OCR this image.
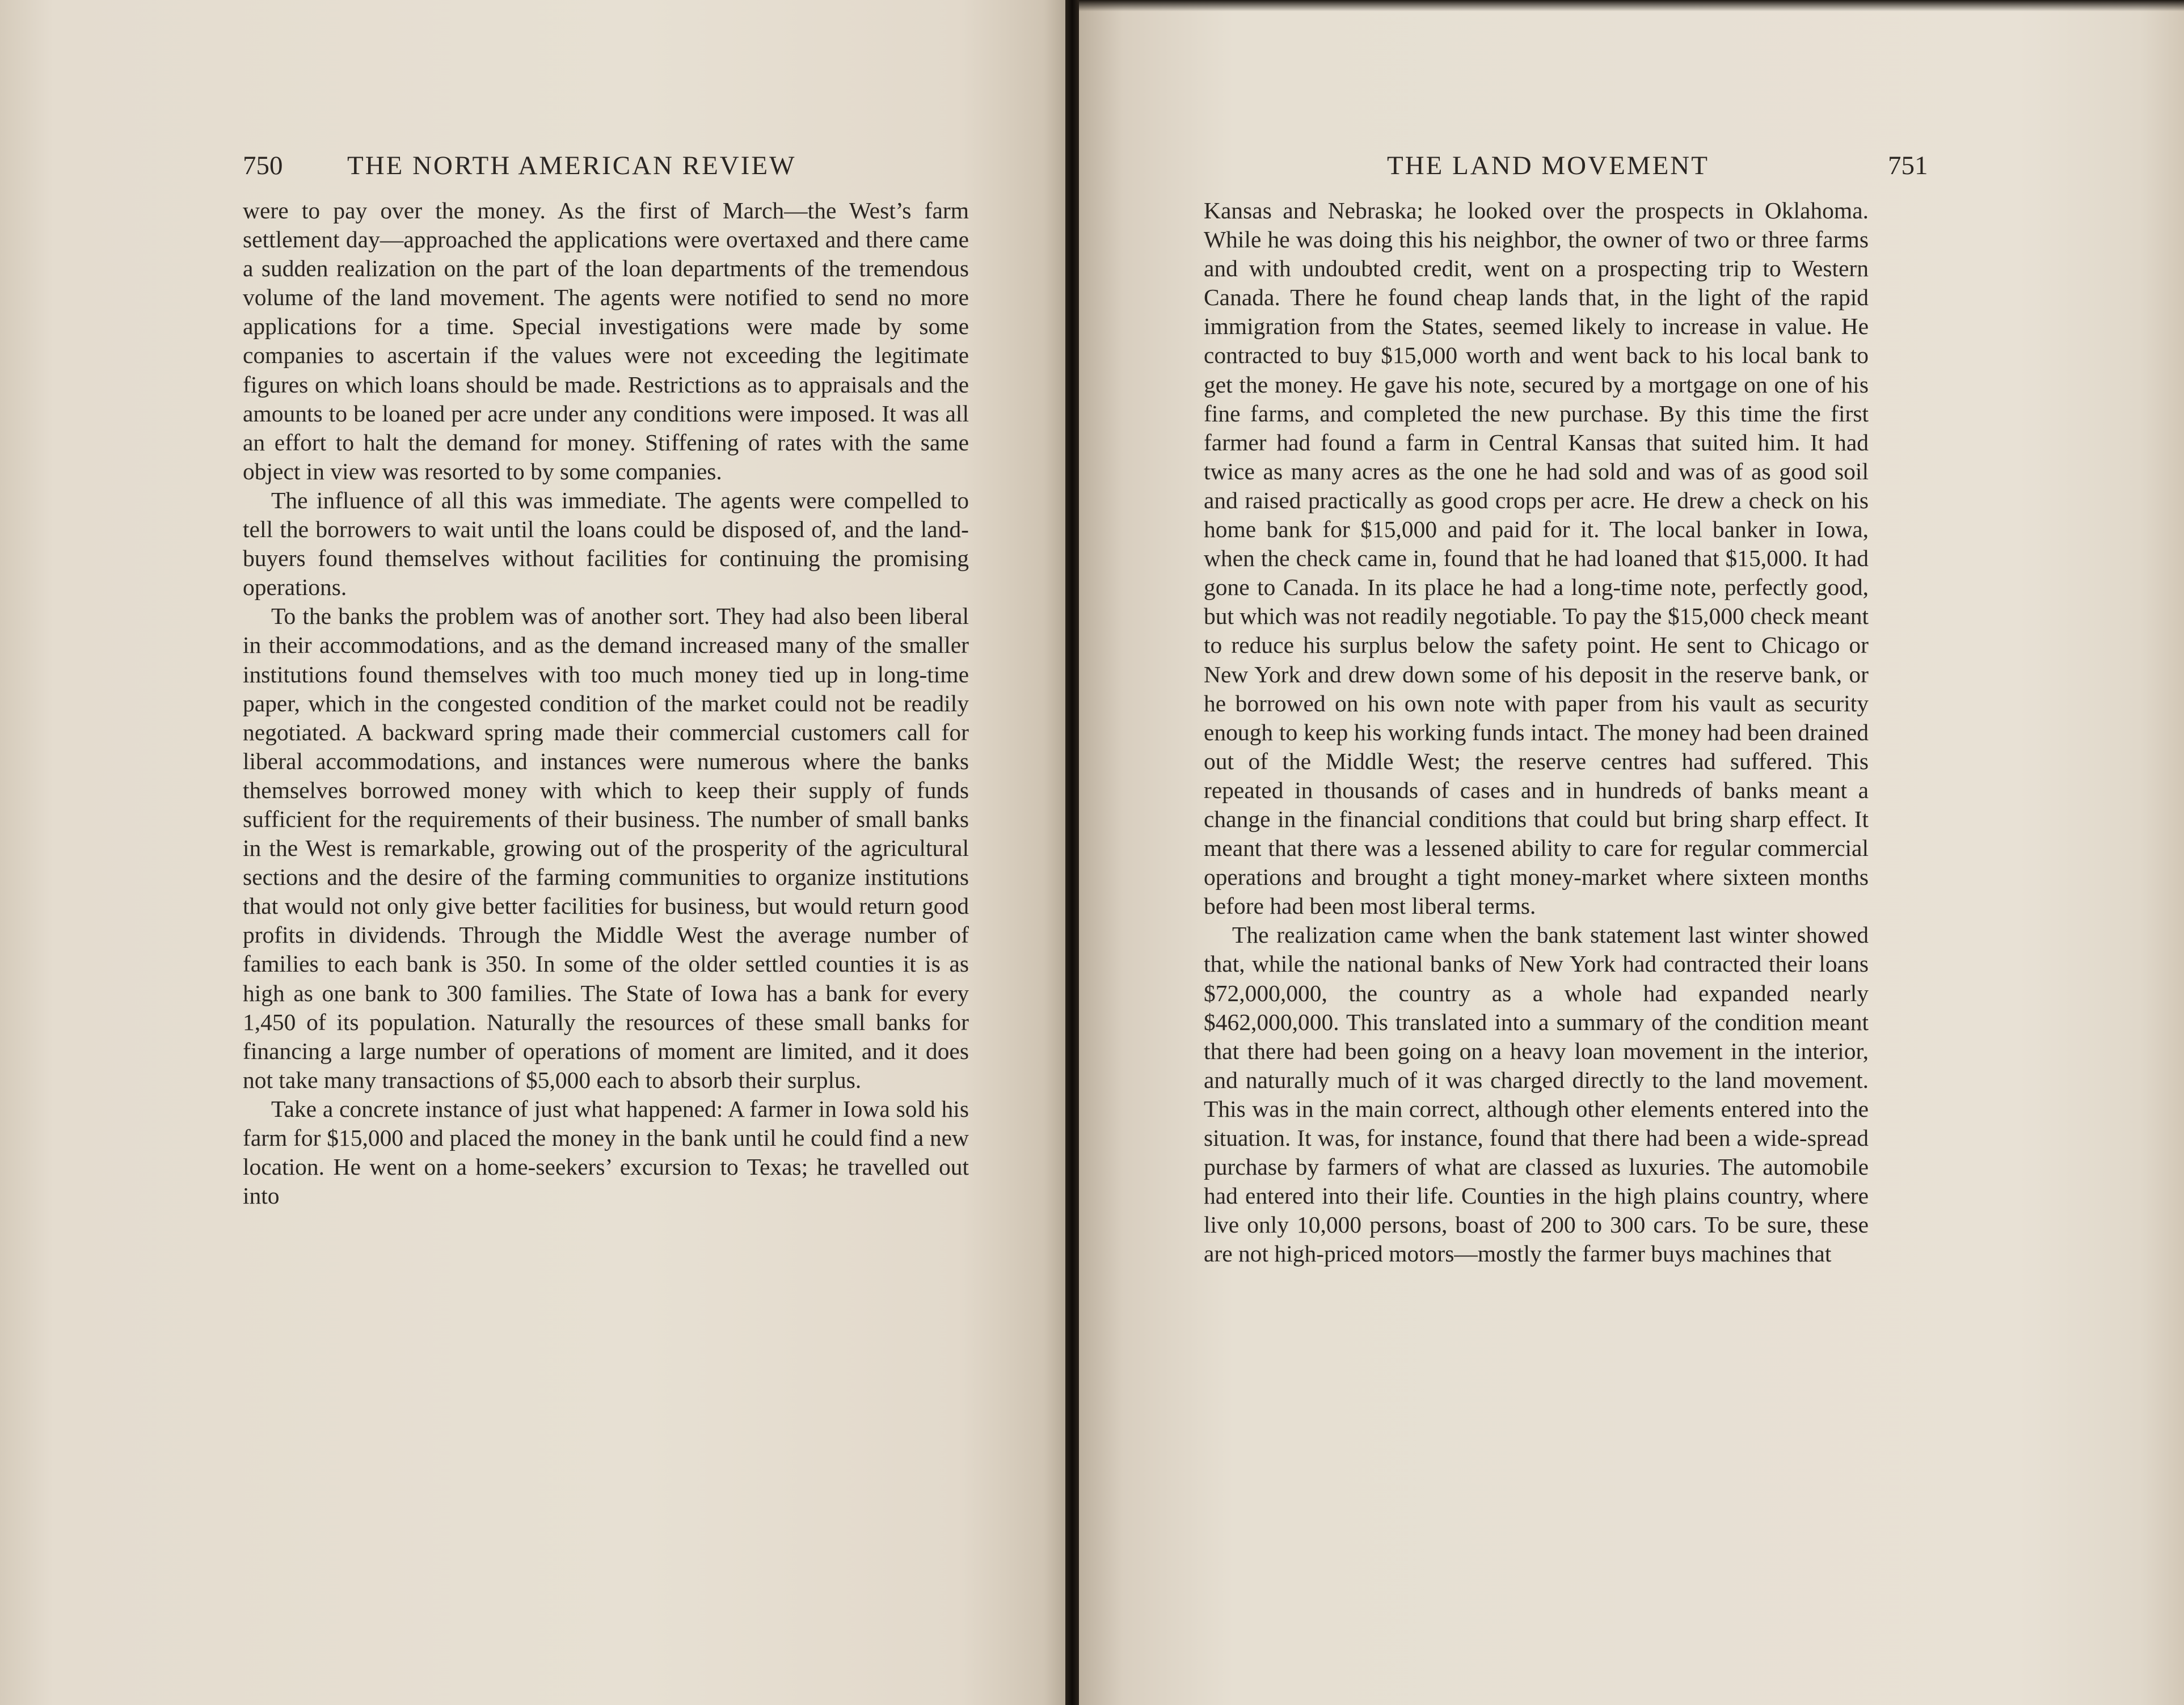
750 THE NORTH AMERICAN REVIEW

were to pay over the money. As the first of March—the West’s farm settlement day—approached the applications were overtaxed and there came a sudden realization on the part of the loan departments of the tremendous volume of the land movement. The agents were notified to send no more applications for a time. Special investigations were made by some companies to ascertain if the values were not exceeding the legitimate figures on which loans should be made. Restrictions as to appraisals and the amounts to be loaned per acre under any conditions were imposed. It was all an effort to halt the demand for money. Stiffening of rates with the same object in view was resorted to by some companies.

The influence of all this was immediate. The agents were compelled to tell the borrowers to wait until the loans could be disposed of, and the land-buyers found themselves without facilities for continuing the promising operations.

To the banks the problem was of another sort. They had also been liberal in their accommodations, and as the demand increased many of the smaller institutions found themselves with too much money tied up in long-time paper, which in the congested condition of the market could not be readily negotiated. A backward spring made their commercial customers call for liberal accommodations, and instances were numerous where the banks themselves borrowed money with which to keep their supply of funds sufficient for the requirements of their business. The number of small banks in the West is remarkable, growing out of the prosperity of the agricultural sections and the desire of the farming communities to organize institutions that would not only give better facilities for business, but would return good profits in dividends. Through the Middle West the average number of families to each bank is 350. In some of the older settled counties it is as high as one bank to 300 families. The State of Iowa has a bank for every 1,450 of its population. Naturally the resources of these small banks for financing a large number of operations of moment are limited, and it does not take many transactions of $5,000 each to absorb their surplus.

Take a concrete instance of just what happened: A farmer in Iowa sold his farm for $15,000 and placed the money in the bank until he could find a new location. He went on a home-seekers’ excursion to Texas; he travelled out into

THE LAND MOVEMENT	751

Kansas and Nebraska; he looked over the prospects in Oklahoma. While he was doing this his neighbor, the owner of two or three farms and with undoubted credit, went on a prospecting trip to Western Canada. There he found cheap lands that, in the light of the rapid immigration from the States, seemed likely to increase in value. He contracted to buy $15,000 worth and went back to his local bank to get the money. He gave his note, secured by a mortgage on one of his fine farms, and completed the new purchase. By this time the first farmer had found a farm in Central Kansas that suited him. It had twice as many acres as the one he had sold and was of as good soil and raised practically as good crops per acre. He drew a check on his home bank for $15,000 and paid for it. The local banker in Iowa, when the check came in, found that he had loaned that $15,000. It had gone to Canada. In its place he had a long-time note, perfectly good, but which was not readily negotiable. To pay the $15,000 check meant to reduce his surplus below the safety point. He sent to Chicago or New York and drew down some of his deposit in the reserve bank, or he borrowed on his own note with paper from his vault as security enough to keep his working funds intact. The money had been drained out of the Middle West; the reserve centres had suffered. This repeated in thousands of cases and in hundreds of banks meant a change in the financial conditions that could but bring sharp effect. It meant that there was a lessened ability to care for regular commercial operations and brought a tight money-market where sixteen months before had been most liberal terms.

The realization came when the bank statement last winter showed that, while the national banks of New York had contracted their loans $72,000,000, the country as a whole had expanded nearly $462,000,000. This translated into a summary of the condition meant that there had been going on a heavy loan movement in the interior, and naturally much of it was charged directly to the land movement. This was in the main correct, although other elements entered into the situation. It was, for instance, found that there had been a wide-spread purchase by farmers of what are classed as luxuries. The automobile had entered into their life. Counties in the high plains country, where live only 10,000 persons, boast of 200 to 300 cars. To be sure, these are not high-priced motors—mostly the farmer buys machines that
